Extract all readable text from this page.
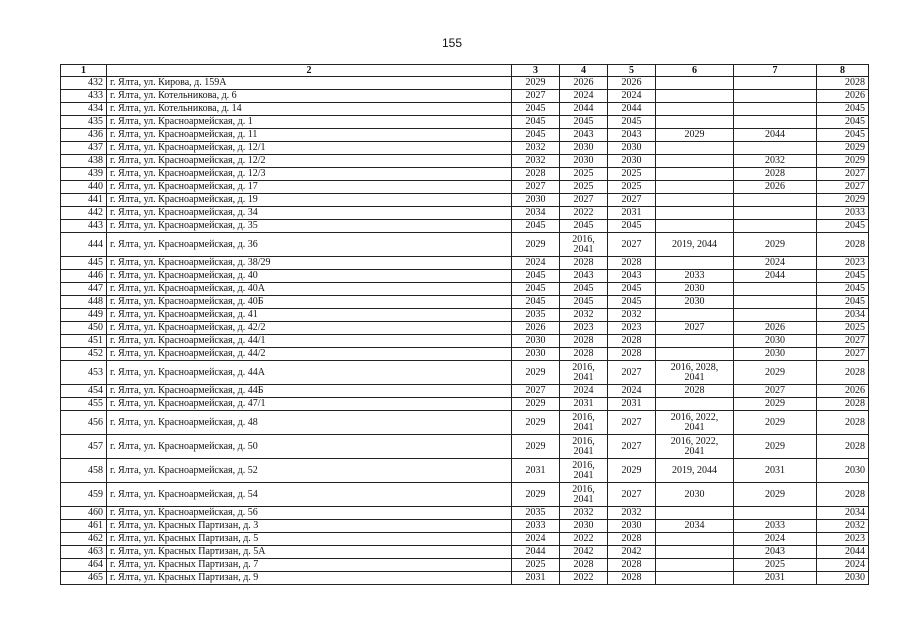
155
1	2	3	4	5	6	7	8
432	г. Ялта, ул. Кирова, д. 159А	2029	2026	2026			2028
433	г. Ялта, ул. Котельникова, д. 6	2027	2024	2024			2026
434	г. Ялта, ул. Котельникова, д. 14	2045	2044	2044			2045
435	г. Ялта, ул. Красноармейская, д. 1	2045	2045	2045			2045
436	г. Ялта, ул. Красноармейская, д. 11	2045	2043	2043	2029	2044	2045
437	г. Ялта, ул. Красноармейская, д. 12/1	2032	2030	2030			2029
438	г. Ялта, ул. Красноармейская, д. 12/2	2032	2030	2030		2032	2029
439	г. Ялта, ул. Красноармейская, д. 12/3	2028	2025	2025		2028	2027
440	г. Ялта, ул. Красноармейская, д. 17	2027	2025	2025		2026	2027
441	г. Ялта, ул. Красноармейская, д. 19	2030	2027	2027			2029
442	г. Ялта, ул. Красноармейская, д. 34	2034	2022	2031			2033
443	г. Ялта, ул. Красноармейская, д. 35	2045	2045	2045			2045
444	г. Ялта, ул. Красноармейская, д. 36	2029	2016,
2041	2027	2019, 2044	2029	2028
445	г. Ялта, ул. Красноармейская, д. 38/29	2024	2028	2028		2024	2023
446	г. Ялта, ул. Красноармейская, д. 40	2045	2043	2043	2033	2044	2045
447	г. Ялта, ул. Красноармейская, д. 40А	2045	2045	2045	2030		2045
448	г. Ялта, ул. Красноармейская, д. 40Б	2045	2045	2045	2030		2045
449	г. Ялта, ул. Красноармейская, д. 41	2035	2032	2032			2034
450	г. Ялта, ул. Красноармейская, д. 42/2	2026	2023	2023	2027	2026	2025
451	г. Ялта, ул. Красноармейская, д. 44/1	2030	2028	2028		2030	2027
452	г. Ялта, ул. Красноармейская, д. 44/2	2030	2028	2028		2030	2027
453	г. Ялта, ул. Красноармейская, д. 44А	2029	2016,
2041	2027	2016, 2028,
2041	2029	2028
454	г. Ялта, ул. Красноармейская, д. 44Б	2027	2024	2024	2028	2027	2026
455	г. Ялта, ул. Красноармейская, д. 47/1	2029	2031	2031		2029	2028
456	г. Ялта, ул. Красноармейская, д. 48	2029	2016,
2041	2027	2016, 2022,
2041	2029	2028
457	г. Ялта, ул. Красноармейская, д. 50	2029	2016,
2041	2027	2016, 2022,
2041	2029	2028
458	г. Ялта, ул. Красноармейская, д. 52	2031	2016,
2041	2029	2019, 2044	2031	2030
459	г. Ялта, ул. Красноармейская, д. 54	2029	2016,
2041	2027	2030	2029	2028
460	г. Ялта, ул. Красноармейская, д. 56	2035	2032	2032			2034
461	г. Ялта, ул. Красных Партизан, д. 3	2033	2030	2030	2034	2033	2032
462	г. Ялта, ул. Красных Партизан, д. 5	2024	2022	2028		2024	2023
463	г. Ялта, ул. Красных Партизан, д. 5А	2044	2042	2042		2043	2044
464	г. Ялта, ул. Красных Партизан, д. 7	2025	2028	2028		2025	2024
465	г. Ялта, ул. Красных Партизан, д. 9	2031	2022	2028		2031	2030
